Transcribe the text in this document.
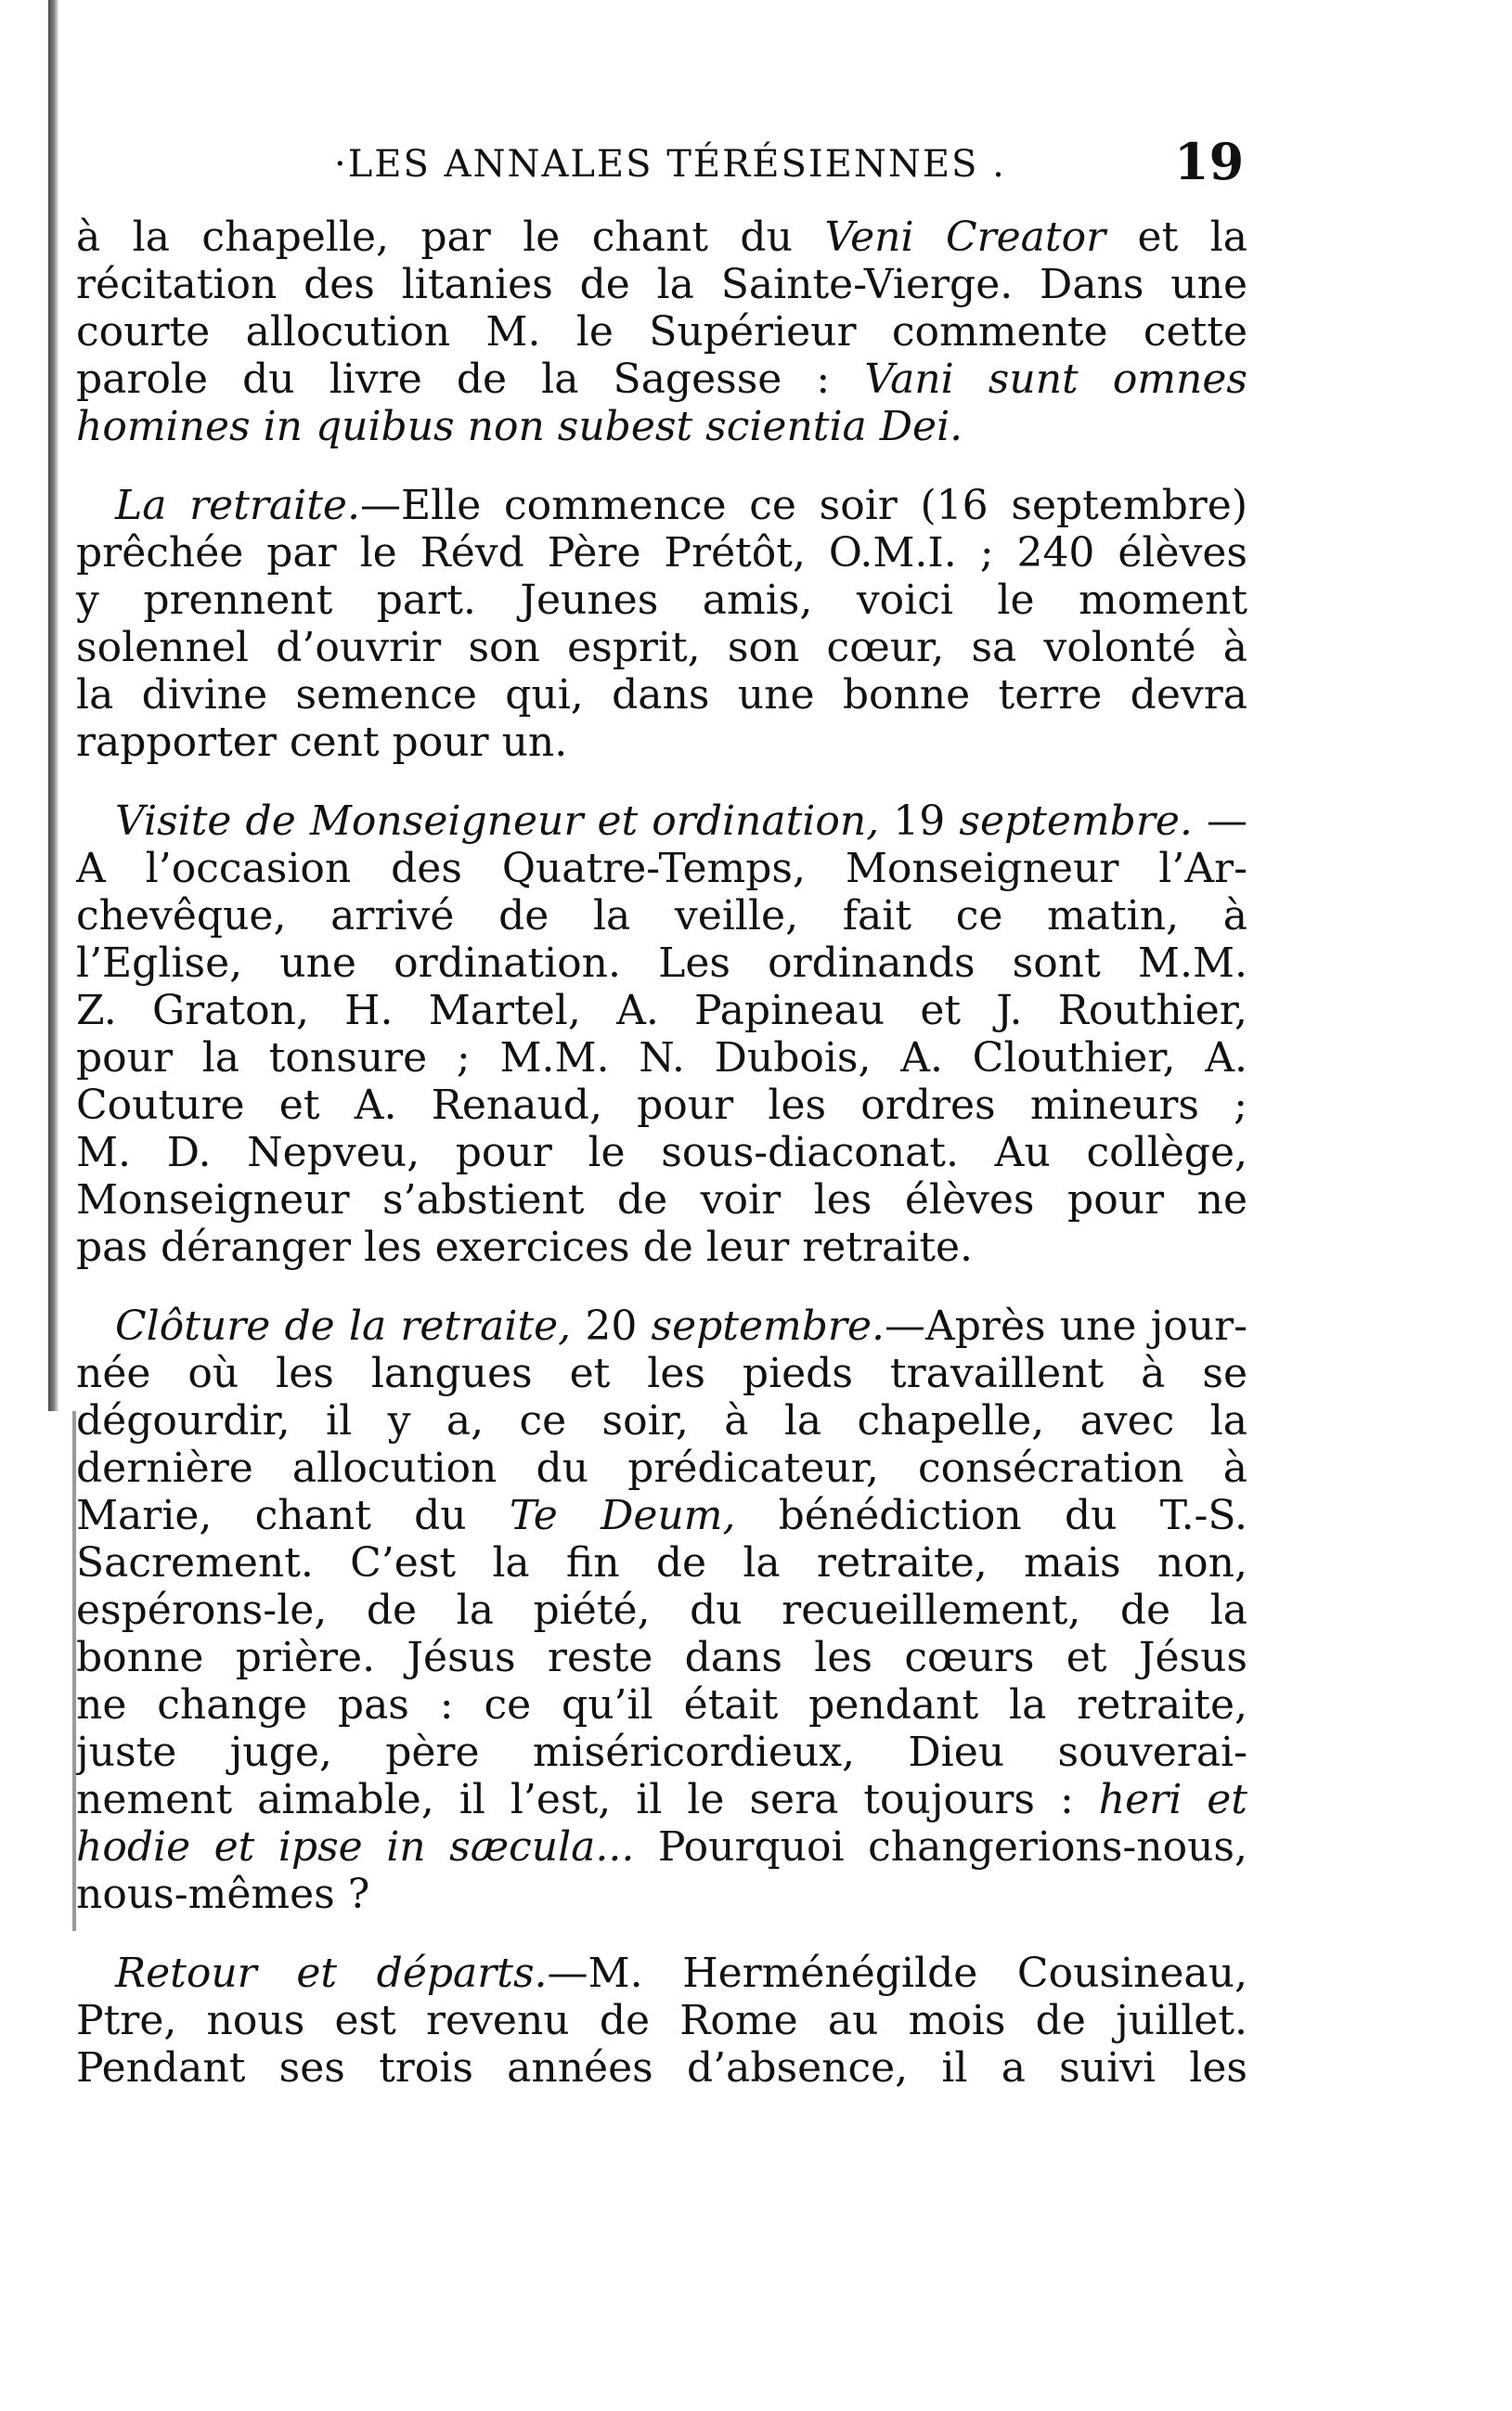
·LES ANNALES TÉRÉSIENNES .	19
à la chapelle, par le chant du Veni Creator et la
récitation des litanies de la Sainte-Vierge. Dans une
courte allocution M. le Supérieur commente cette
parole du livre de la Sagesse : Vani sunt omnes
homines in quibus non subest scientia Dei.
La retraite.—Elle commence ce soir (16 septembre)
prêchée par le Révd Père Prétôt, O.M.I. ; 240 élèves
y prennent part. Jeunes amis, voici le moment
solennel d’ouvrir son esprit, son cœur, sa volonté à
la divine semence qui, dans une bonne terre devra
rapporter cent pour un.
Visite de Monseigneur et ordination, 19 septembre. —
A l’occasion des Quatre-Temps, Monseigneur l’Ar-
chevêque, arrivé de la veille, fait ce matin, à
l’Eglise, une ordination. Les ordinands sont M.M.
Z. Graton, H. Martel, A. Papineau et J. Routhier,
pour la tonsure ; M.M. N. Dubois, A. Clouthier, A.
Couture et A. Renaud, pour les ordres mineurs ;
M. D. Nepveu, pour le sous-diaconat. Au collège,
Monseigneur s’abstient de voir les élèves pour ne
pas déranger les exercices de leur retraite.
Clôture de la retraite, 20 septembre.—Après une jour-
née où les langues et les pieds travaillent à se
dégourdir, il y a, ce soir, à la chapelle, avec la
dernière allocution du prédicateur, consécration à
Marie, chant du Te Deum, bénédiction du T.-S.
Sacrement. C’est la fin de la retraite, mais non,
espérons-le, de la piété, du recueillement, de la
bonne prière. Jésus reste dans les cœurs et Jésus
ne change pas : ce qu’il était pendant la retraite,
juste juge, père miséricordieux, Dieu souverai-
nement aimable, il l’est, il le sera toujours : heri et
hodie et ipse in sæcula... Pourquoi changerions-nous,
nous-mêmes ?
Retour et départs.—M. Herménégilde Cousineau,
Ptre, nous est revenu de Rome au mois de juillet.
Pendant ses trois années d’absence, il a suivi les
